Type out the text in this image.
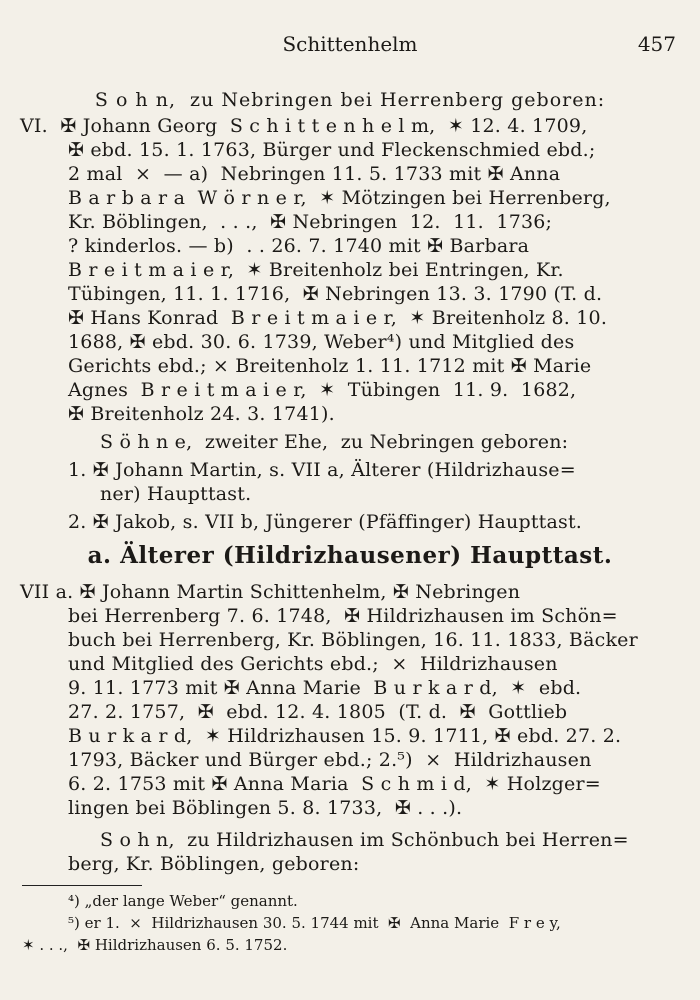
Schittenhelm	457
S o h n,  zu Nebringen bei Herrenberg geboren:
VI.  ✠ Johann Georg  S c h i t t e n h e l m,  ✶ 12. 4. 1709,
✠ ebd. 15. 1. 1763, Bürger und Fleckenschmied ebd.;
2 mal  ×  — a)  Nebringen 11. 5. 1733 mit ✠ Anna
B a r b a r a  W ö r n e r,  ✶ Mötzingen bei Herrenberg,
Kr. Böblingen,  . . .,  ✠ Nebringen  12.  11.  1736;
? kinderlos. — b)  . . 26. 7. 1740 mit ✠ Barbara
B r e i t m a i e r,  ✶ Breitenholz bei Entringen, Kr.
Tübingen, 11. 1. 1716,  ✠ Nebringen 13. 3. 1790 (T. d.
✠ Hans Konrad  B r e i t m a i e r,  ✶ Breitenholz 8. 10.
1688, ✠ ebd. 30. 6. 1739, Weber⁴) und Mitglied des
Gerichts ebd.; × Breitenholz 1. 11. 1712 mit ✠ Marie
Agnes  B r e i t m a i e r,  ✶  Tübingen  11. 9.  1682,
✠ Breitenholz 24. 3. 1741).
S ö h n e,  zweiter Ehe,  zu Nebringen geboren:
1. ✠ Johann Martin, s. VII a, Älterer (Hildrizhause=
ner) Haupttast.
2. ✠ Jakob, s. VII b, Jüngerer (Pfäffinger) Haupttast.
a. Älterer (Hildrizhausener) Haupttast.
VII a. ✠ Johann Martin Schittenhelm, ✠ Nebringen
bei Herrenberg 7. 6. 1748,  ✠ Hildrizhausen im Schön=
buch bei Herrenberg, Kr. Böblingen, 16. 11. 1833, Bäcker
und Mitglied des Gerichts ebd.;  ×  Hildrizhausen
9. 11. 1773 mit ✠ Anna Marie  B u r k a r d,  ✶  ebd.
27. 2. 1757,  ✠  ebd. 12. 4. 1805  (T. d.  ✠  Gottlieb
B u r k a r d,  ✶ Hildrizhausen 15. 9. 1711, ✠ ebd. 27. 2.
1793, Bäcker und Bürger ebd.; 2.⁵)  ×  Hildrizhausen
6. 2. 1753 mit ✠ Anna Maria  S c h m i d,  ✶ Holzger=
lingen bei Böblingen 5. 8. 1733,  ✠ . . .).
S o h n,  zu Hildrizhausen im Schönbuch bei Herren=
berg, Kr. Böblingen, geboren:
⁴) „der lange Weber“ genannt.
⁵) er 1.  ×  Hildrizhausen 30. 5. 1744 mit  ✠  Anna Marie  F r e y,
✶ . . .,  ✠ Hildrizhausen 6. 5. 1752.
